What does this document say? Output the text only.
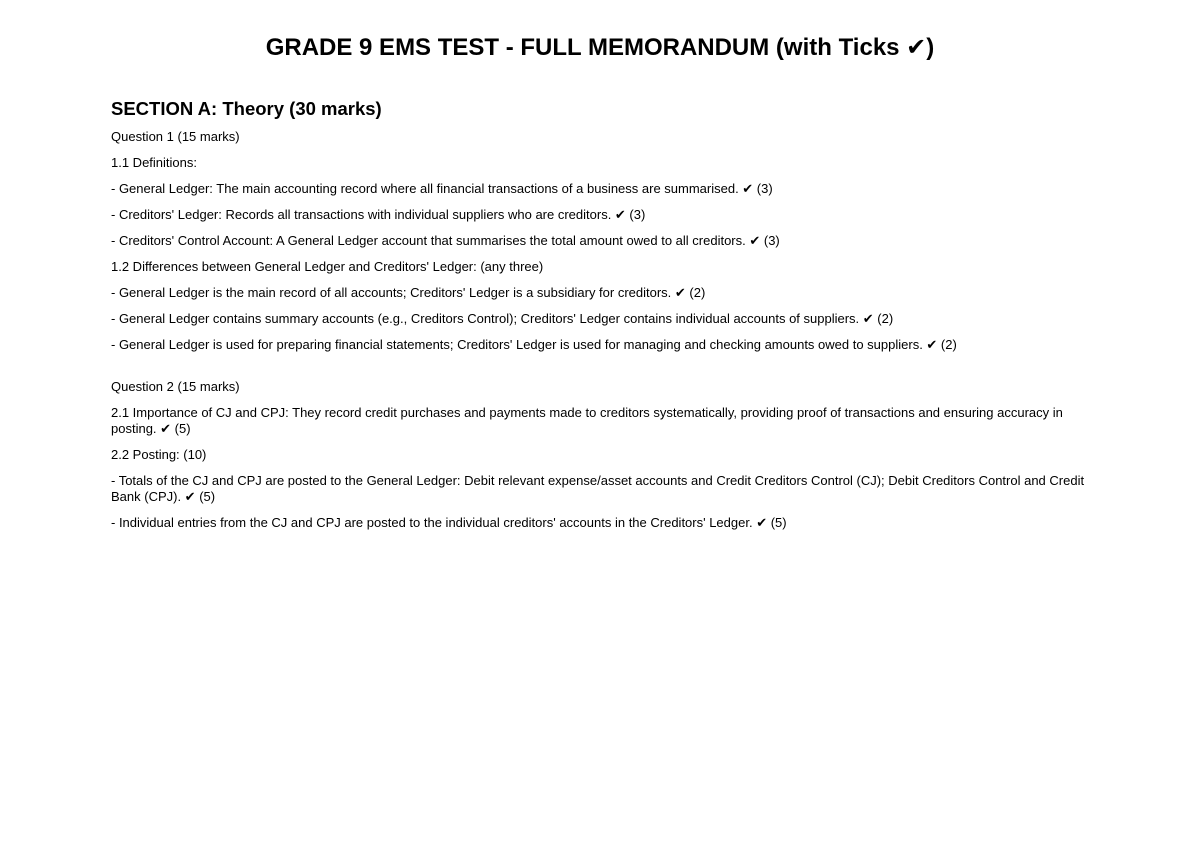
GRADE 9 EMS TEST - FULL MEMORANDUM (with Ticks ✔)
SECTION A: Theory (30 marks)

Question 1 (15 marks)

1.1 Definitions:

- General Ledger: The main accounting record where all financial transactions of a business are summarised. ✔ (3)

- Creditors' Ledger: Records all transactions with individual suppliers who are creditors. ✔ (3)

- Creditors' Control Account: A General Ledger account that summarises the total amount owed to all creditors. ✔ (3)

1.2 Differences between General Ledger and Creditors' Ledger: (any three)

- General Ledger is the main record of all accounts; Creditors' Ledger is a subsidiary for creditors. ✔ (2)

- General Ledger contains summary accounts (e.g., Creditors Control); Creditors' Ledger contains individual accounts of suppliers. ✔ (2)

- General Ledger is used for preparing financial statements; Creditors' Ledger is used for managing and checking amounts owed to suppliers. ✔ (2)

Question 2 (15 marks)

2.1 Importance of CJ and CPJ: They record credit purchases and payments made to creditors systematically, providing proof of transactions and ensuring accuracy in posting. ✔ (5)

2.2 Posting: (10)

- Totals of the CJ and CPJ are posted to the General Ledger: Debit relevant expense/asset accounts and Credit Creditors Control (CJ); Debit Creditors Control and Credit Bank (CPJ). ✔ (5)

- Individual entries from the CJ and CPJ are posted to the individual creditors' accounts in the Creditors' Ledger. ✔ (5)
